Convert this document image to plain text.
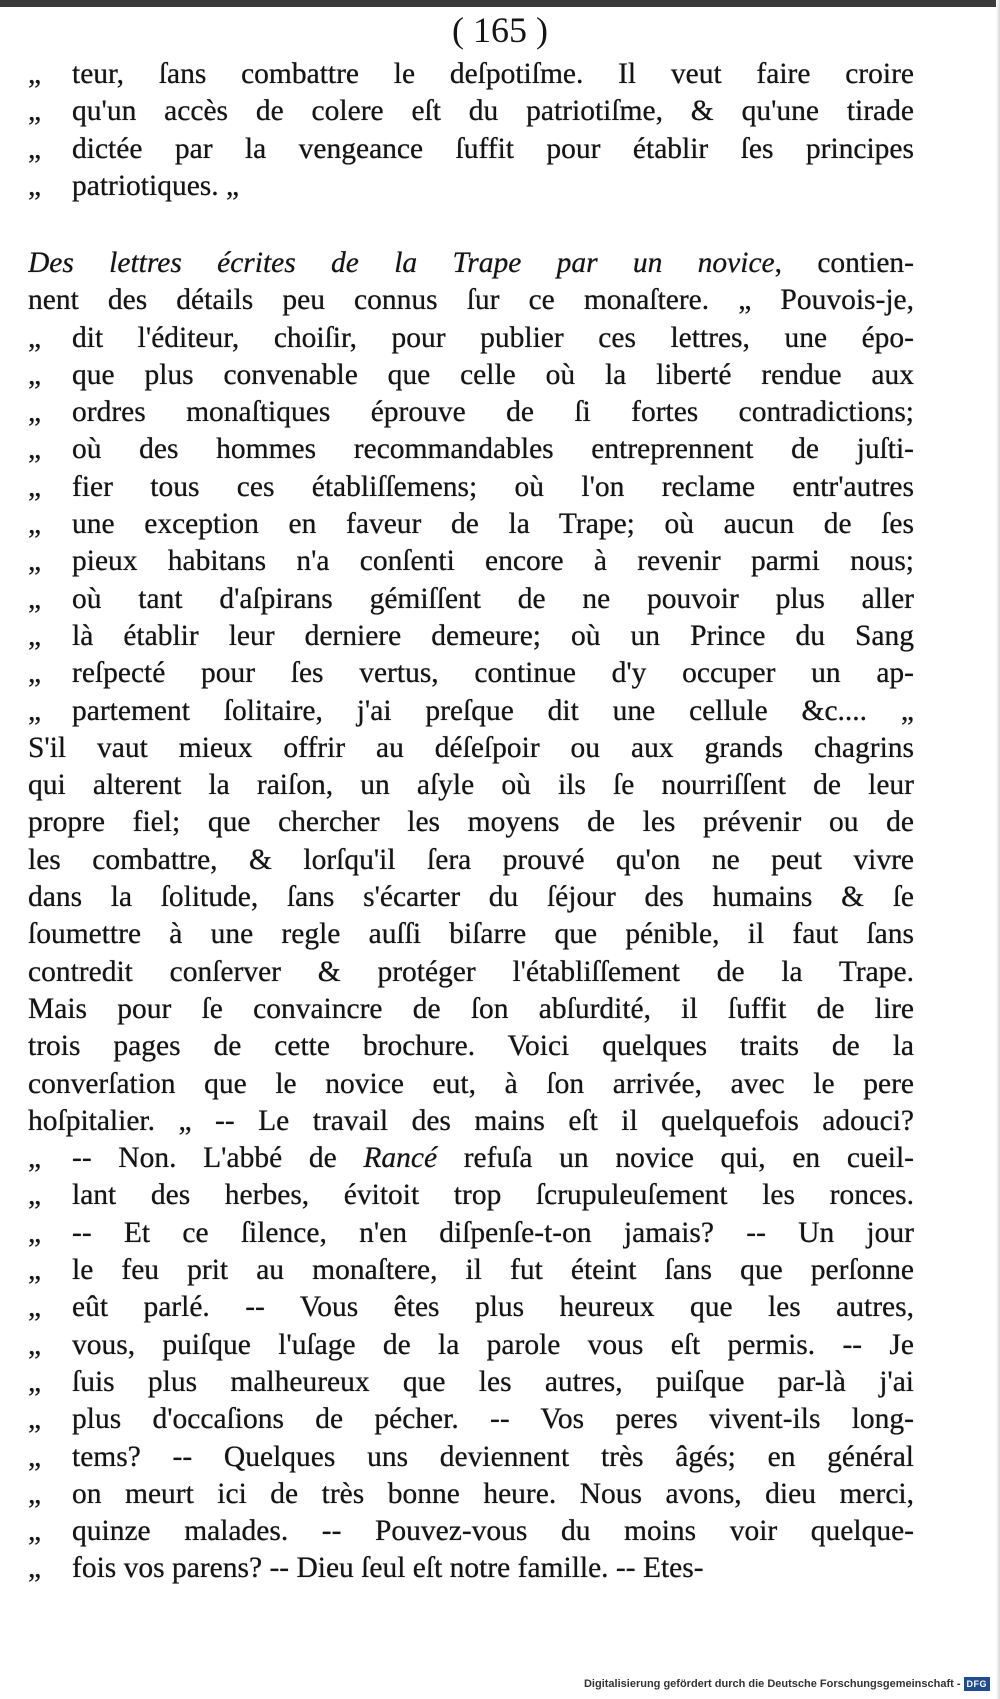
( 165 )
„ teur, ſans combattre le deſpotiſme. Il veut faire croire
„ qu'un accès de colere eſt du patriotiſme, & qu'une tirade
„ dictée par la vengeance ſuffit pour établir ſes principes
„ patriotiques. „
Des lettres écrites de la Trape par un novice, contien-
nent des détails peu connus ſur ce monaſtere. „ Pouvois-je,
„ dit l'éditeur, choiſir, pour publier ces lettres, une épo-
„ que plus convenable que celle où la liberté rendue aux
„ ordres monaſtiques éprouve de ſi fortes contradictions;
„ où des hommes recommandables entreprennent de juſti-
„ fier tous ces établiſſemens; où l'on reclame entr'autres
„ une exception en faveur de la Trape; où aucun de ſes
„ pieux habitans n'a conſenti encore à revenir parmi nous;
„ où tant d'aſpirans gémiſſent de ne pouvoir plus aller
„ là établir leur derniere demeure; où un Prince du Sang
„ reſpecté pour ſes vertus, continue d'y occuper un ap-
„ partement ſolitaire, j'ai preſque dit une cellule &c.... „
S'il vaut mieux offrir au déſeſpoir ou aux grands chagrins
qui alterent la raiſon, un aſyle où ils ſe nourriſſent de leur
propre fiel; que chercher les moyens de les prévenir ou de
les combattre, & lorſqu'il ſera prouvé qu'on ne peut vivre
dans la ſolitude, ſans s'écarter du ſéjour des humains & ſe
ſoumettre à une regle auſſi biſarre que pénible, il faut ſans
contredit conſerver & protéger l'établiſſement de la Trape.
Mais pour ſe convaincre de ſon abſurdité, il ſuffit de lire
trois pages de cette brochure. Voici quelques traits de la
converſation que le novice eut, à ſon arrivée, avec le pere
hoſpitalier. „ -- Le travail des mains eſt il quelquefois adouci?
„ -- Non. L'abbé de Rancé refuſa un novice qui, en cueil-
„ lant des herbes, évitoit trop ſcrupuleuſement les ronces.
„ -- Et ce ſilence, n'en diſpenſe-t-on jamais? -- Un jour
„ le feu prit au monaſtere, il fut éteint ſans que perſonne
„ eût parlé. -- Vous êtes plus heureux que les autres,
„ vous, puiſque l'uſage de la parole vous eſt permis. -- Je
„ ſuis plus malheureux que les autres, puiſque par-là j'ai
„ plus d'occaſions de pécher. -- Vos peres vivent-ils long-
„ tems? -- Quelques uns deviennent très âgés; en général
„ on meurt ici de très bonne heure. Nous avons, dieu merci,
„ quinze malades. -- Pouvez-vous du moins voir quelque-
„ fois vos parens? -- Dieu ſeul eſt notre famille. -- Etes-
Digitalisierung gefördert durch die Deutsche Forschungsgemeinschaft - DFG
